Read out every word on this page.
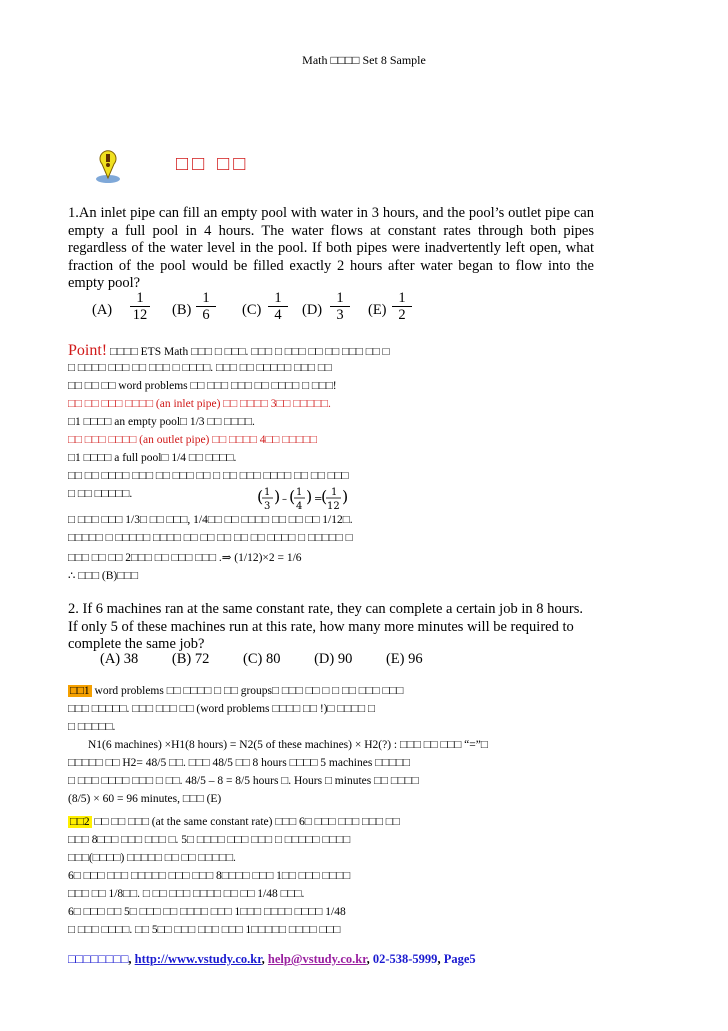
Math □□□□ Set 8 Sample
□□ □□
1.An inlet pipe can fill an empty pool with water in 3 hours, and the pool’s outlet pipe can empty a full pool in 4 hours. The water flows at constant rates through both pipes regardless of the water level in the pool. If both pipes were inadvertently left open, what fraction of the pool would be filled exactly 2 hours after water began to flow into the empty pool?
$(A) \frac{1}{12} (B) \frac{1}{6} (C) \frac{1}{4} (D) \frac{1}{3} (E) \frac{1}{2}$
Point! □□□□ ETS Math □□□ □ □□□. □□□ □ □□□ □□ □□ □□□ □□ □
□ □□□□ □□□ □□ □□□ □ □□□□. □□□ □□ □□□□□ □□□ □□
□□ □□ □□ word problems □□ □□□ □□□ □□ □□□□ □ □□□!
□□ □□ □□□ □□□□ (an inlet pipe) □□ □□□□ 3□□ □□□□□.
□1 □□□□ an empty pool□ 1/3 □□ □□□□.
□□ □□□ □□□□ (an outlet pipe) □□ □□□□ 4□□ □□□□□
□1 □□□□ a full pool□ 1/4 □□ □□□□.
□□ □□ □□□□ □□□ □□ □□□ □□ □ □□ □□□ □□□□ □□ □□ □□□
□ □□ □□□□□.	( 1
3
) – ( 1
4
) =
( 1
12
)
□ □□□ □□□ 1/3□ □□ □□□, 1/4□□ □□ □□□□ □□ □□ □□ 1/12□.
□□□□□ □ □□□□□ □□□□ □□ □□ □□ □□ □□ □□□□ □ □□□□□ □
□□□ □□ □□ 2□□□ □□ □□□ □□□ .⇒ (1/12)×2 = 1/6
∴ □□□ (B)□□□
2. If 6 machines ran at the same constant rate, they can complete a certain job in 8 hours. If only 5 of these machines run at this rate, how many more minutes will be required to complete the same job?
(A) 38 (B) 72 (C) 80 (D) 90 (E) 96
□□1 word problems □□ □□□□ □ □□ groups□ □□□ □□ □ □ □□ □□□ □□□
□□□ □□□□□. □□□ □□□ □□ (word problems □□□□ □□ !)□ □□□□ □
□ □□□□□.
N1(6 machines) ×H1(8 hours) = N2(5 of these machines) × H2(?) : □□□ □□ □□□ “=”□
□□□□□ □□ H2= 48/5 □□. □□□ 48/5 □□ 8 hours □□□□ 5 machines □□□□□
□ □□□ □□□□ □□□ □ □□. 48/5 – 8 = 8/5 hours □. Hours □ minutes □□ □□□□
(8/5) × 60 = 96 minutes, □□□ (E)
□□2 □□ □□ □□□ (at the same constant rate) □□□ 6□ □□□ □□□ □□□ □□
□□□ 8□□□ □□□ □□□ □. 5□ □□□□ □□□ □□□ □ □□□□□ □□□□
□□□(□□□□) □□□□□ □□ □□ □□□□□.
6□ □□□ □□□ □□□□□ □□□ □□□ 8□□□□ □□□ 1□□ □□□ □□□□
□□□ □□ 1/8□□. □ □□ □□□ □□□□ □□ □□ 1/48 □□□.
6□ □□□ □□ 5□ □□□ □□ □□□□ □□□ 1□□□ □□□□ □□□□ 1/48
□ □□□ □□□□. □□ 5□□ □□□ □□□ □□□ 1□□□□□ □□□□ □□□
□□□□□□□□, http://www.vstudy.co.kr, help@vstudy.co.kr, 02-538-5999, Page5
